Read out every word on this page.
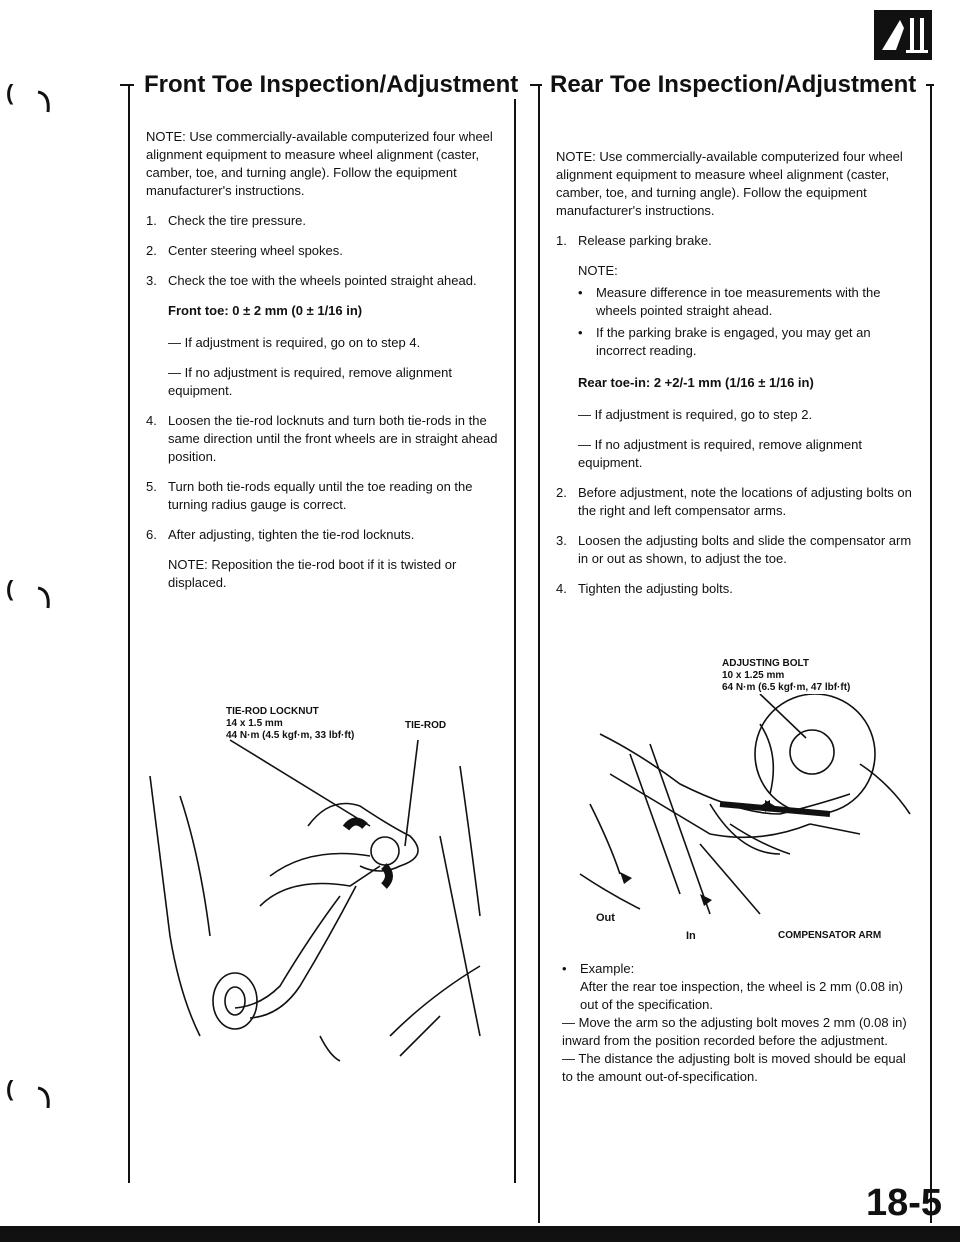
Front Toe Inspection/Adjustment Rear Toe Inspection/Adjustment
(
(
(

NOTE: Use commercially-available computerized four wheel alignment equipment to measure wheel alignment (caster, camber, toe, and turning angle). Follow the equipment manufacturer's instructions.

1. Check the tire pressure.
2. Center steering wheel spokes.
3. Check the toe with the wheels pointed straight ahead.
Front toe: 0 ± 2 mm (0 ± 1/16 in)
— If adjustment is required, go on to step 4.
— If no adjustment is required, remove alignment equipment.
4. Loosen the tie-rod locknuts and turn both tie-rods in the same direction until the front wheels are in straight ahead position.
5. Turn both tie-rods equally until the toe reading on the turning radius gauge is correct.
6. After adjusting, tighten the tie-rod locknuts.

NOTE: Reposition the tie-rod boot if it is twisted or displaced.

TIE-ROD LOCKNUT
14 x 1.5 mm
44 N·m (4.5 kgf·m, 33 lbf·ft)
TIE-ROD

NOTE: Use commercially-available computerized four wheel alignment equipment to measure wheel alignment (caster, camber, toe, and turning angle). Follow the equipment manufacturer's instructions.

1. Release parking brake.
NOTE:
•	Measure difference in toe measurements with the wheels pointed straight ahead.
•	If the parking brake is engaged, you may get an incorrect reading.
Rear toe-in: 2 +2/-1 mm (1/16 ± 1/16 in)
— If adjustment is required, go to step 2.
— If no adjustment is required, remove alignment equipment.
2. Before adjustment, note the locations of adjusting bolts on the right and left compensator arms.
3. Loosen the adjusting bolts and slide the compensator arm in or out as shown, to adjust the toe.
4. Tighten the adjusting bolts.
ADJUSTING BOLT
10 x 1.25 mm
64 N·m (6.5 kgf·m, 47 lbf·ft)
Out
In	COMPENSATOR ARM
•	Example:
After the rear toe inspection, the wheel is 2 mm (0.08 in) out of the specification.
— Move the arm so the adjusting bolt moves 2 mm (0.08 in) inward from the position recorded before the adjustment.
— The distance the adjusting bolt is moved should be equal to the amount out-of-specification.
18-5
